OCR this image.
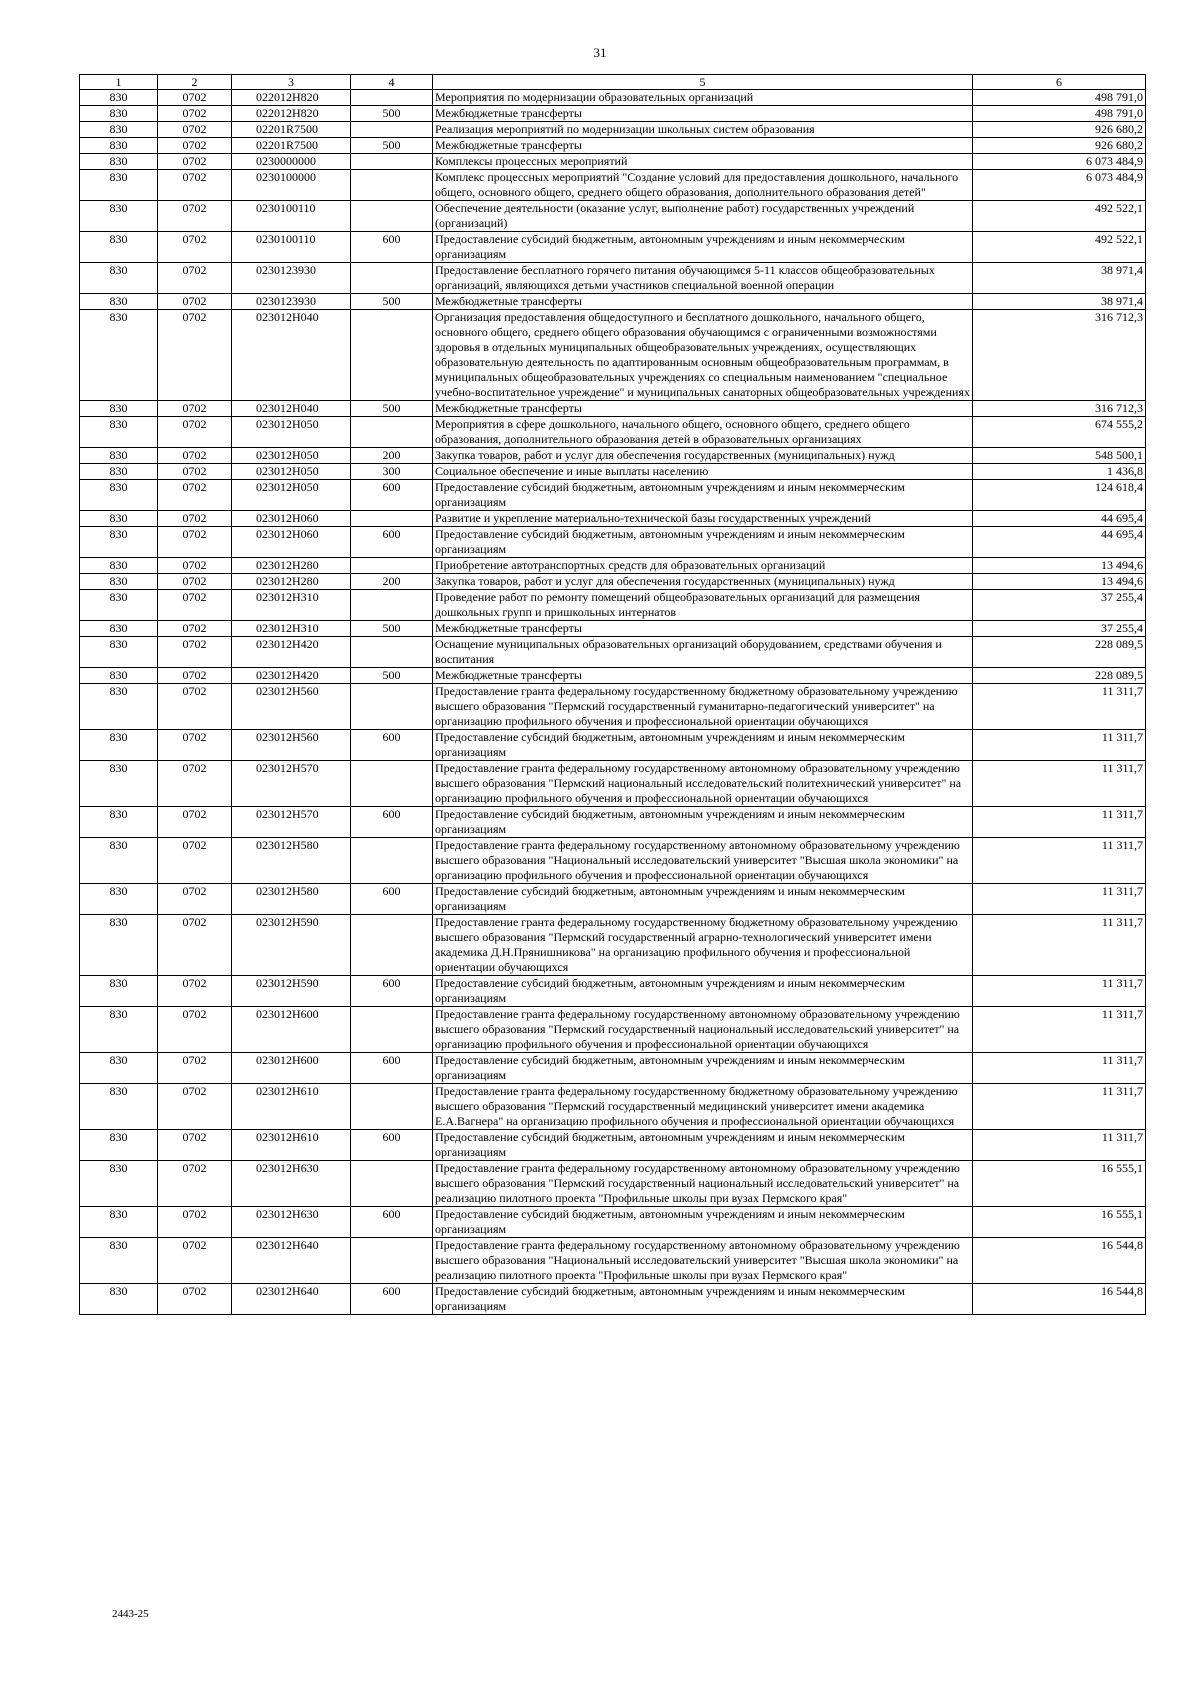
31
1	2	3	4	5	6
830	0702	022012Н820		Мероприятия по модернизации образовательных организаций	498 791,0
830	0702	022012Н820	500	Межбюджетные трансферты	498 791,0
830	0702	02201R7500		Реализация мероприятий по модернизации школьных систем образования	926 680,2
830	0702	02201R7500	500	Межбюджетные трансферты	926 680,2
830	0702	0230000000		Комплексы процессных мероприятий	6 073 484,9
830	0702	0230100000		Комплекс процессных мероприятий "Создание условий для предоставления дошкольного, начального общего, основного общего, среднего общего образования, дополнительного образования детей"	6 073 484,9
830	0702	0230100110		Обеспечение деятельности (оказание услуг, выполнение работ) государственных учреждений (организаций)	492 522,1
830	0702	0230100110	600	Предоставление субсидий бюджетным, автономным учреждениям и иным некоммерческим организациям	492 522,1
830	0702	0230123930		Предоставление бесплатного горячего питания обучающимся 5-11 классов общеобразовательных организаций, являющихся детьми участников специальной военной операции	38 971,4
830	0702	0230123930	500	Межбюджетные трансферты	38 971,4
830	0702	023012Н040		Организация предоставления общедоступного и бесплатного дошкольного, начального общего, основного общего, среднего общего образования обучающимся с ограниченными возможностями здоровья в отдельных муниципальных общеобразовательных учреждениях, осуществляющих образовательную деятельность по адаптированным основным общеобразовательным программам, в муниципальных общеобразовательных учреждениях со специальным наименованием "специальное учебно-воспитательное учреждение" и муниципальных санаторных общеобразовательных учреждениях	316 712,3
830	0702	023012Н040	500	Межбюджетные трансферты	316 712,3
830	0702	023012Н050		Мероприятия в сфере дошкольного, начального общего, основного общего, среднего общего образования, дополнительного образования детей в образовательных организациях	674 555,2
830	0702	023012Н050	200	Закупка товаров, работ и услуг для обеспечения государственных (муниципальных) нужд	548 500,1
830	0702	023012Н050	300	Социальное обеспечение и иные выплаты населению	1 436,8
830	0702	023012Н050	600	Предоставление субсидий бюджетным, автономным учреждениям и иным некоммерческим организациям	124 618,4
830	0702	023012Н060		Развитие и укрепление материально-технической базы государственных учреждений	44 695,4
830	0702	023012Н060	600	Предоставление субсидий бюджетным, автономным учреждениям и иным некоммерческим организациям	44 695,4
830	0702	023012Н280		Приобретение автотранспортных средств для образовательных организаций	13 494,6
830	0702	023012Н280	200	Закупка товаров, работ и услуг для обеспечения государственных (муниципальных) нужд	13 494,6
830	0702	023012Н310		Проведение работ по ремонту помещений общеобразовательных организаций для размещения дошкольных групп и пришкольных интернатов	37 255,4
830	0702	023012Н310	500	Межбюджетные трансферты	37 255,4
830	0702	023012Н420		Оснащение муниципальных образовательных организаций оборудованием, средствами обучения и воспитания	228 089,5
830	0702	023012Н420	500	Межбюджетные трансферты	228 089,5
830	0702	023012Н560		Предоставление гранта федеральному государственному бюджетному образовательному учреждению высшего образования "Пермский государственный гуманитарно-педагогический университет" на организацию профильного обучения и профессиональной ориентации обучающихся	11 311,7
830	0702	023012Н560	600	Предоставление субсидий бюджетным, автономным учреждениям и иным некоммерческим организациям	11 311,7
830	0702	023012Н570		Предоставление гранта федеральному государственному автономному образовательному учреждению высшего образования "Пермский национальный исследовательский политехнический университет" на организацию профильного обучения и профессиональной ориентации обучающихся	11 311,7
830	0702	023012Н570	600	Предоставление субсидий бюджетным, автономным учреждениям и иным некоммерческим организациям	11 311,7
830	0702	023012Н580		Предоставление гранта федеральному государственному автономному образовательному учреждению высшего образования "Национальный исследовательский университет "Высшая школа экономики" на организацию профильного обучения и профессиональной ориентации обучающихся	11 311,7
830	0702	023012Н580	600	Предоставление субсидий бюджетным, автономным учреждениям и иным некоммерческим организациям	11 311,7
830	0702	023012Н590		Предоставление гранта федеральному государственному бюджетному образовательному учреждению высшего образования "Пермский государственный аграрно-технологический университет имени академика Д.Н.Прянишникова" на организацию профильного обучения и профессиональной ориентации обучающихся	11 311,7
830	0702	023012Н590	600	Предоставление субсидий бюджетным, автономным учреждениям и иным некоммерческим организациям	11 311,7
830	0702	023012Н600		Предоставление гранта федеральному государственному автономному образовательному учреждению высшего образования "Пермский государственный национальный исследовательский университет" на организацию профильного обучения и профессиональной ориентации обучающихся	11 311,7
830	0702	023012Н600	600	Предоставление субсидий бюджетным, автономным учреждениям и иным некоммерческим организациям	11 311,7
830	0702	023012Н610		Предоставление гранта федеральному государственному бюджетному образовательному учреждению высшего образования "Пермский государственный медицинский университет имени академика Е.А.Вагнера" на организацию профильного обучения и профессиональной ориентации обучающихся	11 311,7
830	0702	023012Н610	600	Предоставление субсидий бюджетным, автономным учреждениям и иным некоммерческим организациям	11 311,7
830	0702	023012Н630		Предоставление гранта федеральному государственному автономному образовательному учреждению высшего образования "Пермский государственный национальный исследовательский университет" на реализацию пилотного проекта "Профильные школы при вузах Пермского края"	16 555,1
830	0702	023012Н630	600	Предоставление субсидий бюджетным, автономным учреждениям и иным некоммерческим организациям	16 555,1
830	0702	023012Н640		Предоставление гранта федеральному государственному автономному образовательному учреждению высшего образования "Национальный исследовательский университет "Высшая школа экономики" на реализацию пилотного проекта "Профильные школы при вузах Пермского края"	16 544,8
830	0702	023012Н640	600	Предоставление субсидий бюджетным, автономным учреждениям и иным некоммерческим организациям	16 544,8
2443-25
